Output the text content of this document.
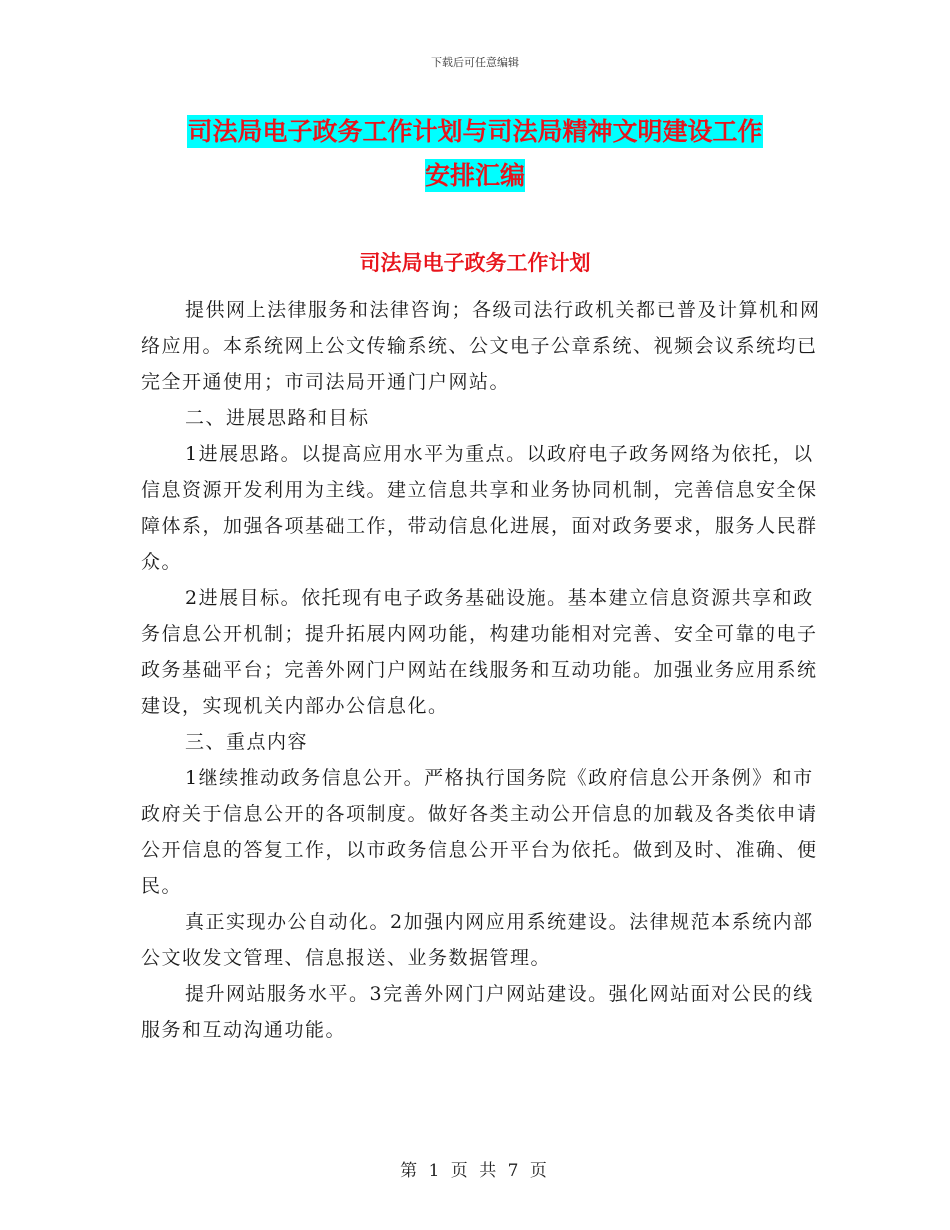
下载后可任意编辑
司法局电子政务工作计划与司法局精神文明建设工作
安排汇编
司法局电子政务工作计划

提供网上法律服务和法律咨询；各级司法行政机关都已普及计算机和网络应用。本系统网上公文传输系统、公文电子公章系统、视频会议系统均已完全开通使用；市司法局开通门户网站。

二、进展思路和目标

1进展思路。以提高应用水平为重点。以政府电子政务网络为依托，以信息资源开发利用为主线。建立信息共享和业务协同机制，完善信息安全保障体系，加强各项基础工作，带动信息化进展，面对政务要求，服务人民群众。

2进展目标。依托现有电子政务基础设施。基本建立信息资源共享和政务信息公开机制；提升拓展内网功能，构建功能相对完善、安全可靠的电子政务基础平台；完善外网门户网站在线服务和互动功能。加强业务应用系统建设，实现机关内部办公信息化。

三、重点内容

1继续推动政务信息公开。严格执行国务院《政府信息公开条例》和市政府关于信息公开的各项制度。做好各类主动公开信息的加载及各类依申请公开信息的答复工作，以市政务信息公开平台为依托。做到及时、准确、便民。

真正实现办公自动化。2加强内网应用系统建设。法律规范本系统内部公文收发文管理、信息报送、业务数据管理。

提升网站服务水平。3完善外网门户网站建设。强化网站面对公民的线服务和互动沟通功能。

第 1 页 共 7 页
